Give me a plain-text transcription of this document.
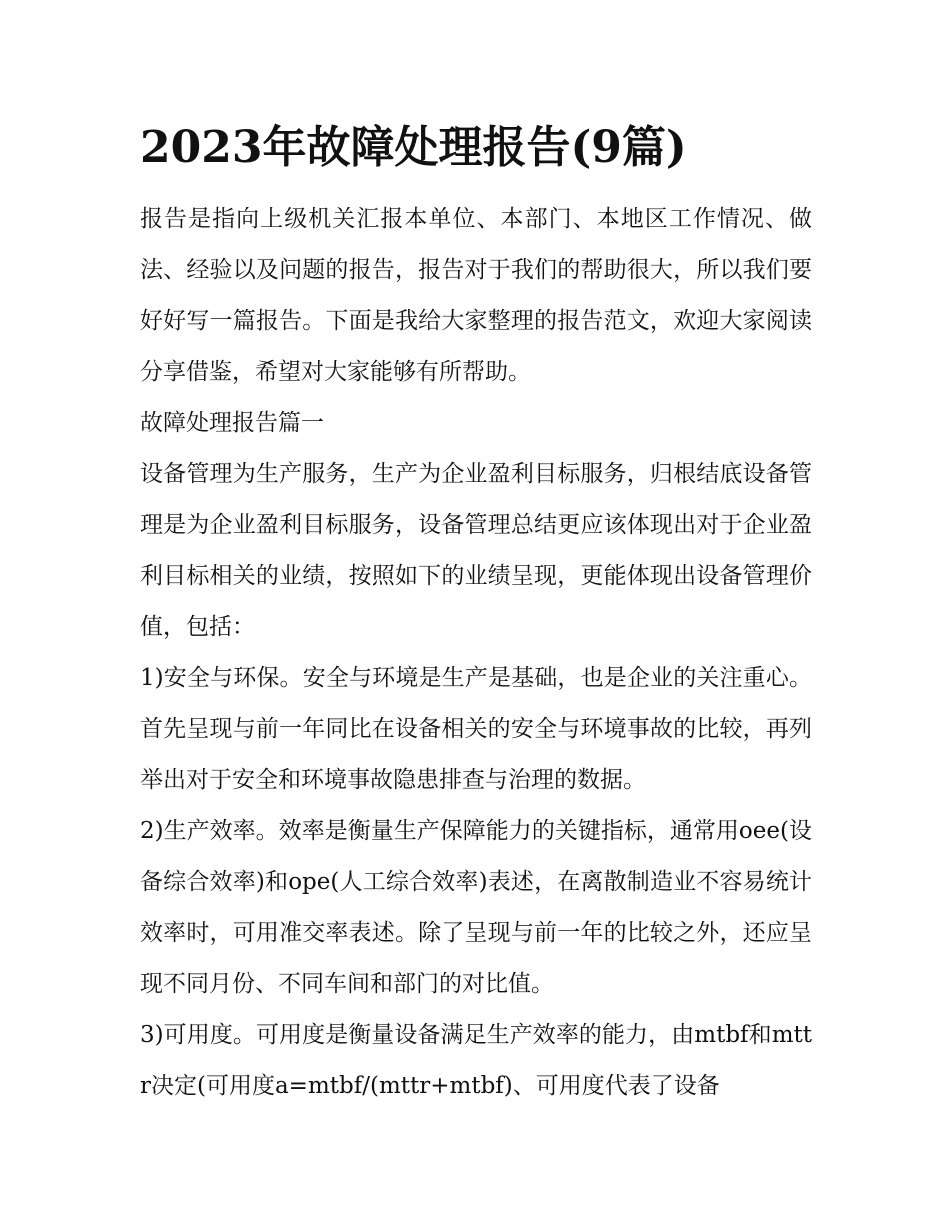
2023年故障处理报告(9篇)

报告是指向上级机关汇报本单位、本部门、本地区工作情况、做法、经验以及问题的报告，报告对于我们的帮助很大，所以我们要好好写一篇报告。下面是我给大家整理的报告范文，欢迎大家阅读分享借鉴，希望对大家能够有所帮助。

故障处理报告篇一

设备管理为生产服务，生产为企业盈利目标服务，归根结底设备管理是为企业盈利目标服务，设备管理总结更应该体现出对于企业盈利目标相关的业绩，按照如下的业绩呈现，更能体现出设备管理价值，包括：

1)安全与环保。安全与环境是生产是基础，也是企业的关注重心。首先呈现与前一年同比在设备相关的安全与环境事故的比较，再列举出对于安全和环境事故隐患排查与治理的数据。

2)生产效率。效率是衡量生产保障能力的关键指标，通常用oee(设备综合效率)和ope(人工综合效率)表述，在离散制造业不容易统计效率时，可用准交率表述。除了呈现与前一年的比较之外，还应呈现不同月份、不同车间和部门的对比值。

3)可用度。可用度是衡量设备满足生产效率的能力，由mtbf和mttr决定(可用度a=mtbf/(mttr+mtbf)、可用度代表了设备
